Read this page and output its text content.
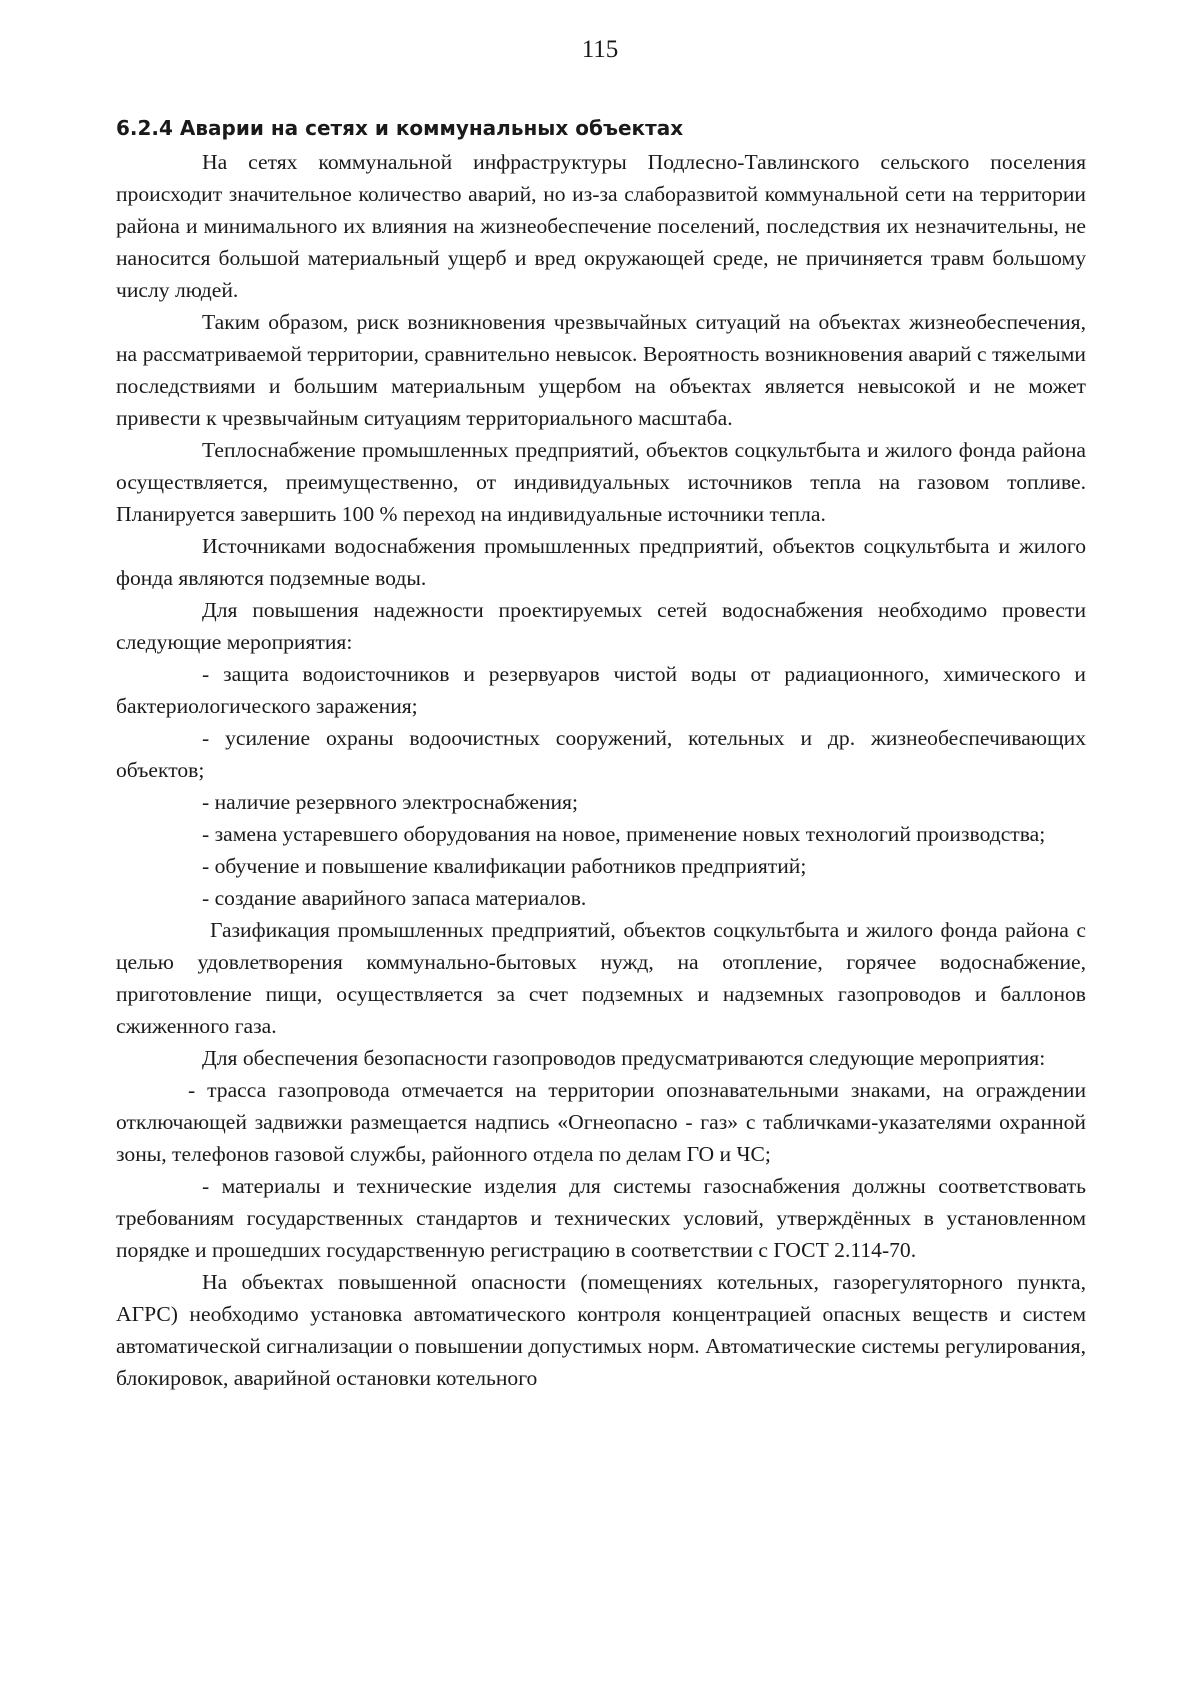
115
6.2.4 Аварии на сетях и коммунальных объектах

На сетях коммунальной инфраструктуры Подлесно-Тавлинского сельского поселения происходит значительное количество аварий, но из-за слаборазвитой коммунальной сети на территории района и минимального их влияния на жизнеобеспечение поселений, последствия их незначительны, не наносится большой материальный ущерб и вред окружающей среде, не причиняется травм большому числу людей.

Таким образом, риск возникновения чрезвычайных ситуаций на объектах жизнеобеспечения, на рассматриваемой территории, сравнительно невысок. Вероятность возникновения аварий с тяжелыми последствиями и большим материальным ущербом на объектах является невысокой и не может привести к чрезвычайным ситуациям территориального масштаба.

Теплоснабжение промышленных предприятий, объектов соцкультбыта и жилого фонда района осуществляется, преимущественно, от индивидуальных источников тепла на газовом топливе. Планируется завершить 100 % переход на индивидуальные источники тепла.

Источниками водоснабжения промышленных предприятий, объектов соцкультбыта и жилого фонда являются подземные воды.

Для повышения надежности проектируемых сетей водоснабжения необходимо провести следующие мероприятия:

- защита водоисточников и резервуаров чистой воды от радиационного, химического и бактериологического заражения;

- усиление охраны водоочистных сооружений, котельных и др. жизнеобеспечивающих объектов;

- наличие резервного электроснабжения;

- замена устаревшего оборудования на новое, применение новых технологий производства;

- обучение и повышение квалификации работников предприятий;

- создание аварийного запаса материалов.

Газификация промышленных предприятий, объектов соцкультбыта и жилого фонда района с целью удовлетворения коммунально-бытовых нужд, на отопление, горячее водоснабжение, приготовление пищи, осуществляется за счет подземных и надземных газопроводов и баллонов сжиженного газа.

Для обеспечения безопасности газопроводов предусматриваются следующие мероприятия:

- трасса газопровода отмечается на территории опознавательными знаками, на ограждении отключающей задвижки размещается надпись «Огнеопасно - газ» с табличками-указателями охранной зоны, телефонов газовой службы, районного отдела по делам ГО и ЧС;

- материалы и технические изделия для системы газоснабжения должны соответствовать требованиям государственных стандартов и технических условий, утверждённых в установленном порядке и прошедших государственную регистрацию в соответствии с ГОСТ 2.114-70.

На объектах повышенной опасности (помещениях котельных, газорегуляторного пункта, АГРС) необходимо установка автоматического контроля концентрацией опасных веществ и систем автоматической сигнализации о повышении допустимых норм. Автоматические системы регулирования, блокировок, аварийной остановки котельного
